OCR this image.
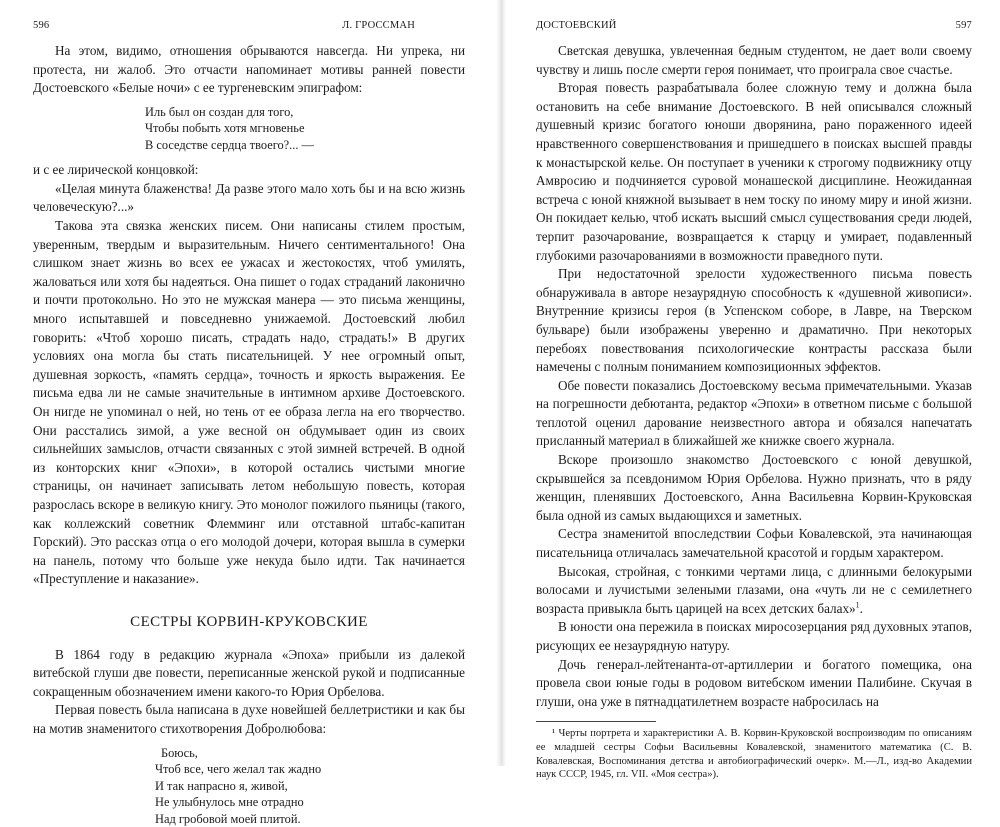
596	Л. ГРОССМАН

На этом, видимо, отношения обрываются навсегда. Ни упрека, ни протеста, ни жалоб. Это отчасти напоминает мотивы ранней повести Достоевского «Белые ночи» с ее тургеневским эпиграфом:

Иль был он создан для того,
Чтобы побыть хотя мгновенье
В соседстве сердца твоего?... —

и с ее лирической концовкой:

«Целая минута блаженства! Да разве этого мало хоть бы и на всю жизнь человеческую?...»

Такова эта связка женских писем. Они написаны стилем простым, уверенным, твердым и выразительным. Ничего сентиментального! Она слишком знает жизнь во всех ее ужасах и жестокостях, чтоб умилять, жаловаться или хотя бы надеяться. Она пишет о годах страданий лаконично и почти протокольно. Но это не мужская манера — это письма женщины, много испытавшей и повседневно унижаемой. Достоевский любил говорить: «Чтоб хорошо писать, страдать надо, страдать!» В других условиях она могла бы стать писательницей. У нее огромный опыт, душевная зоркость, «память сердца», точность и яркость выражения. Ее письма едва ли не самые значительные в интимном архиве Достоевского. Он нигде не упоминал о ней, но тень от ее образа легла на его творчество. Они расстались зимой, а уже весной он обдумывает один из своих сильнейших замыслов, отчасти связанных с этой зимней встречей. В одной из конторских книг «Эпохи», в которой остались чистыми многие страницы, он начинает записывать летом небольшую повесть, которая разрослась вскоре в великую книгу. Это монолог пожилого пьяницы (такого, как коллежский советник Флемминг или отставной штабс-капитан Горский). Это рассказ отца о его молодой дочери, которая вышла в сумерки на панель, потому что больше уже некуда было идти. Так начинается «Преступление и наказание».

СЕСТРЫ КОРВИН-КРУКОВСКИЕ

В 1864 году в редакцию журнала «Эпоха» прибыли из далекой витебской глуши две повести, переписанные женской рукой и подписанные сокращенным обозначением имени какого-то Юрия Орбелова.

Первая повесть была написана в духе новейшей беллетристики и как бы на мотив знаменитого стихотворения Добролюбова:

Боюсь,
Чтоб все, чего желал так жадно
И так напрасно я, живой,
Не улыбнулось мне отрадно
Над гробовой моей плитой.
ДОСТОЕВСКИЙ	597

Светская девушка, увлеченная бедным студентом, не дает воли своему чувству и лишь после смерти героя понимает, что проиграла свое счастье.

Вторая повесть разрабатывала более сложную тему и должна была остановить на себе внимание Достоевского. В ней описывался сложный душевный кризис богатого юноши дворянина, рано пораженного идеей нравственного совершенствования и пришедшего в поисках высшей правды к монастырской келье. Он поступает в ученики к строгому подвижнику отцу Амвросию и подчиняется суровой монашеской дисциплине. Неожиданная встреча с юной княжной вызывает в нем тоску по иному миру и иной жизни. Он покидает келью, чтоб искать высший смысл существования среди людей, терпит разочарование, возвращается к старцу и умирает, подавленный глубокими разочарованиями в возможности праведного пути.

При недостаточной зрелости художественного письма повесть обнаруживала в авторе незаурядную способность к «душевной живописи». Внутренние кризисы героя (в Успенском соборе, в Лавре, на Тверском бульваре) были изображены уверенно и драматично. При некоторых перебоях повествования психологические контрасты рассказа были намечены с полным пониманием композиционных эффектов.

Обе повести показались Достоевскому весьма примечательными. Указав на погрешности дебютанта, редактор «Эпохи» в ответном письме с большой теплотой оценил дарование неизвестного автора и обязался напечатать присланный материал в ближайшей же книжке своего журнала.

Вскоре произошло знакомство Достоевского с юной девушкой, скрывшейся за псевдонимом Юрия Орбелова. Нужно признать, что в ряду женщин, пленявших Достоевского, Анна Васильевна Корвин-Круковская была одной из самых выдающихся и заметных.

Сестра знаменитой впоследствии Софьи Ковалевской, эта начинающая писательница отличалась замечательной красотой и гордым характером.

Высокая, стройная, с тонкими чертами лица, с длинными белокурыми волосами и лучистыми зелеными глазами, она «чуть ли не с семилетнего возраста привыкла быть царицей на всех детских балах»$^1$.

В юности она пережила в поисках миросозерцания ряд духовных этапов, рисующих ее незаурядную натуру.

Дочь генерал-лейтенанта-от-артиллерии и богатого помещика, она провела свои юные годы в родовом витебском имении Палибине. Скучая в глуши, она уже в пятнадцатилетнем возрасте набросилась на

¹ Черты портрета и характеристики А. В. Корвин-Круковской воспроизводим по описаниям ее младшей сестры Софьи Васильевны Ковалевской, знаменитого математика (С. В. Ковалевская, Воспоминания детства и автобиографический очерк». М.—Л., изд-во Академии наук СССР, 1945, гл. VII. «Моя сестра»).
